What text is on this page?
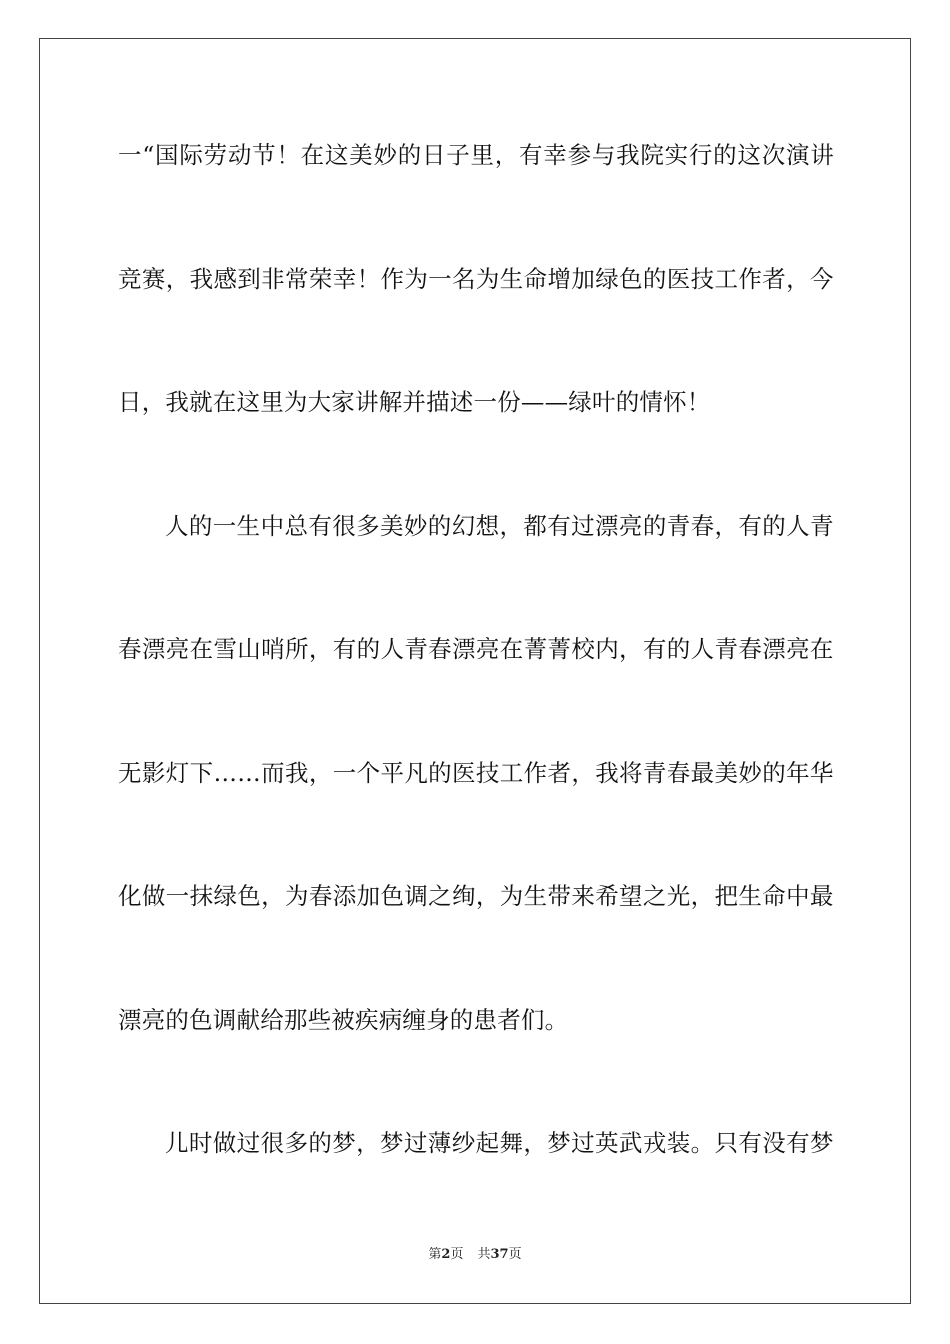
一 “ 国 际 劳 动 节 ！ 在 这 美 妙 的 日 子 里 ， 有 幸 参 与 我 院 实 行 的 这 次 演 讲
竞 赛 ， 我 感 到 非 常 荣 幸 ！ 作 为 一 名 为 生 命 增 加 绿 色 的 医 技 工 作 者 ， 今
日，我就在这里为大家讲解并描述一份——绿叶的情怀！
人 的 一 生 中 总 有 很 多 美 妙 的 幻 想 ， 都 有 过 漂 亮 的 青 春 ， 有 的 人 青
春 漂 亮 在 雪 山 哨 所 ， 有 的 人 青 春 漂 亮 在 菁 菁 校 内 ， 有 的 人 青 春 漂 亮 在
无 影 灯 下 … … 而 我 ， 一 个 平 凡 的 医 技 工 作 者 ， 我 将 青 春 最 美 妙 的 年 华
化 做 一 抹 绿 色 ， 为 春 添 加 色 调 之 绚 ， 为 生 带 来 希 望 之 光 ， 把 生 命 中 最
漂亮的色调献给那些被疾病缠身的患者们。
儿 时 做 过 很 多 的 梦 ， 梦 过 薄 纱 起 舞 ， 梦 过 英 武 戎 装 。 只 有 没 有 梦
第2页 共37页
